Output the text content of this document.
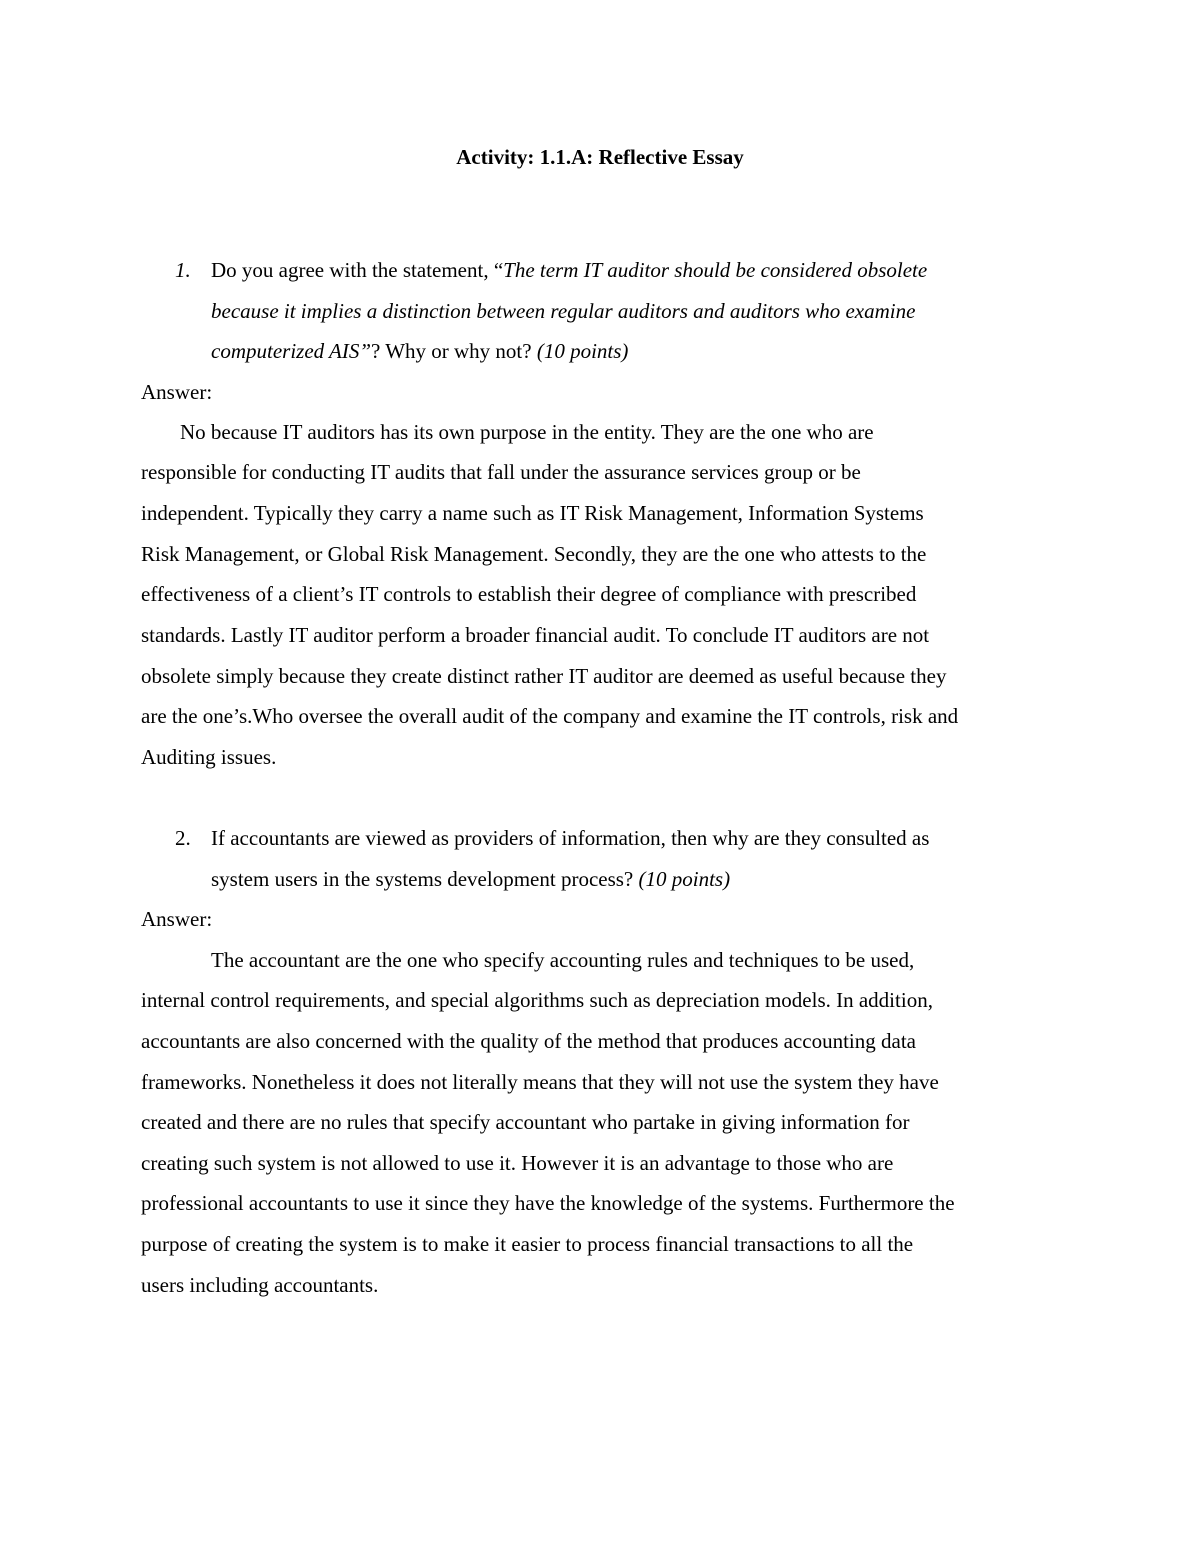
Activity: 1.1.A: Reflective Essay
1. Do you agree with the statement, “The term IT auditor should be considered obsolete
because it implies a distinction between regular auditors and auditors who examine
computerized AIS”? Why or why not? (10 points)
Answer:
No because IT auditors has its own purpose in the entity. They are the one who are
responsible for conducting IT audits that fall under the assurance services group or be
independent. Typically they carry a name such as IT Risk Management, Information Systems
Risk Management, or Global Risk Management. Secondly, they are the one who attests to the
effectiveness of a client’s IT controls to establish their degree of compliance with prescribed
standards. Lastly IT auditor perform a broader financial audit. To conclude IT auditors are not
obsolete simply because they create distinct rather IT auditor are deemed as useful because they
are the one’s.Who oversee the overall audit of the company and examine the IT controls, risk and
Auditing issues.
2. If accountants are viewed as providers of information, then why are they consulted as
system users in the systems development process? (10 points)
Answer:
The accountant are the one who specify accounting rules and techniques to be used,
internal control requirements, and special algorithms such as depreciation models. In addition,
accountants are also concerned with the quality of the method that produces accounting data
frameworks. Nonetheless it does not literally means that they will not use the system they have
created and there are no rules that specify accountant who partake in giving information for
creating such system is not allowed to use it. However it is an advantage to those who are
professional accountants to use it since they have the knowledge of the systems. Furthermore the
purpose of creating the system is to make it easier to process financial transactions to all the
users including accountants.
